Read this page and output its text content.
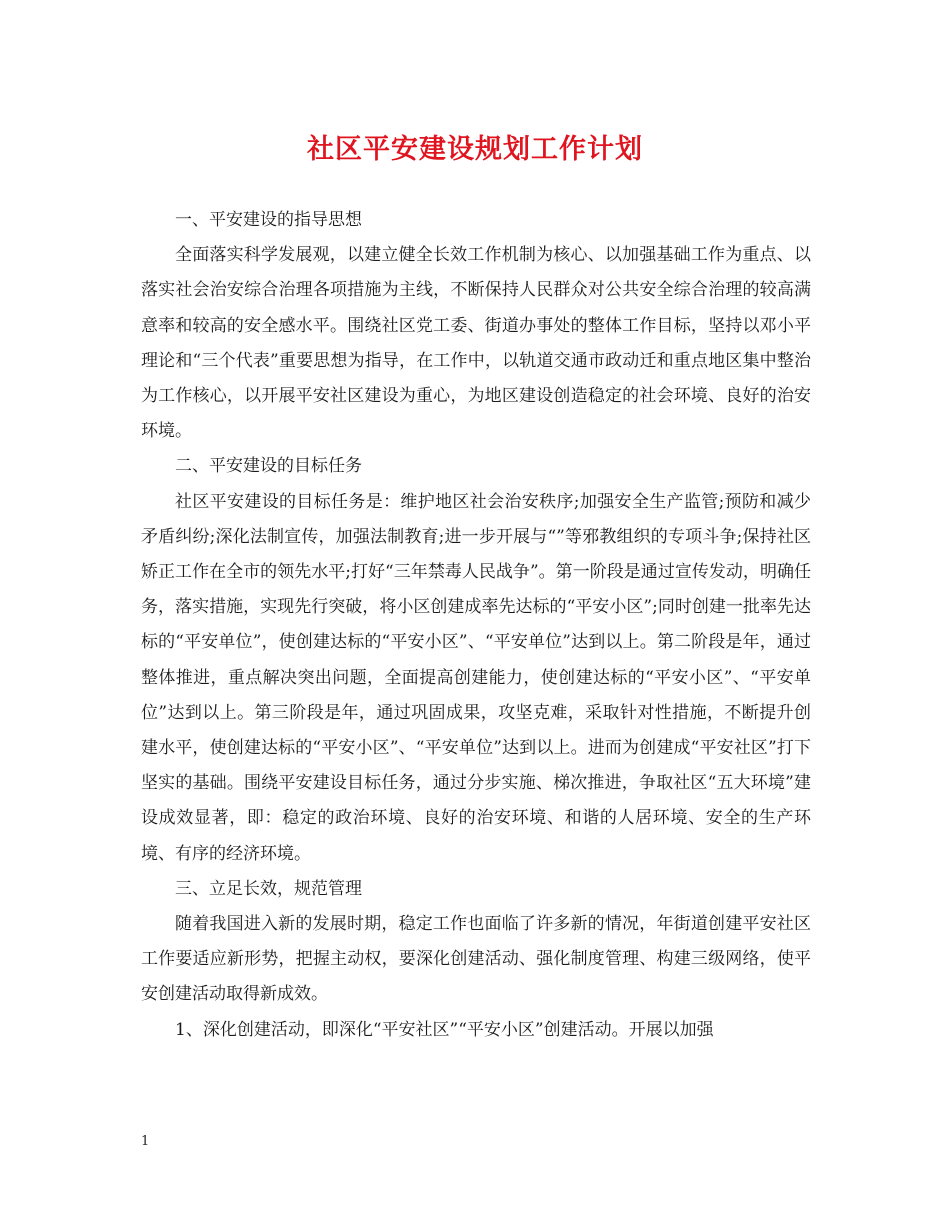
社区平安建设规划工作计划

一、平安建设的指导思想

全面落实科学发展观，以建立健全长效工作机制为核心、以加强基础工作为重点、以落实社会治安综合治理各项措施为主线，不断保持人民群众对公共安全综合治理的较高满意率和较高的安全感水平。围绕社区党工委、街道办事处的整体工作目标，坚持以邓小平理论和“三个代表”重要思想为指导，在工作中，以轨道交通市政动迁和重点地区集中整治为工作核心，以开展平安社区建设为重心，为地区建设创造稳定的社会环境、良好的治安环境。

二、平安建设的目标任务

社区平安建设的目标任务是：维护地区社会治安秩序;加强安全生产监管;预防和减少矛盾纠纷;深化法制宣传，加强法制教育;进一步开展与“”等邪教组织的专项斗争;保持社区矫正工作在全市的领先水平;打好“三年禁毒人民战争”。第一阶段是通过宣传发动，明确任务，落实措施，实现先行突破，将小区创建成率先达标的“平安小区”;同时创建一批率先达标的“平安单位”，使创建达标的“平安小区”、“平安单位”达到以上。第二阶段是年，通过整体推进，重点解决突出问题，全面提高创建能力，使创建达标的“平安小区”、“平安单位”达到以上。第三阶段是年，通过巩固成果，攻坚克难，采取针对性措施，不断提升创建水平，使创建达标的“平安小区”、“平安单位”达到以上。进而为创建成“平安社区”打下坚实的基础。围绕平安建设目标任务，通过分步实施、梯次推进，争取社区“五大环境”建设成效显著，即：稳定的政治环境、良好的治安环境、和谐的人居环境、安全的生产环境、有序的经济环境。

三、立足长效，规范管理

随着我国进入新的发展时期，稳定工作也面临了许多新的情况，年街道创建平安社区工作要适应新形势，把握主动权，要深化创建活动、强化制度管理、构建三级网络，使平安创建活动取得新成效。

1、深化创建活动，即深化“平安社区”“平安小区”创建活动。开展以加强

1
